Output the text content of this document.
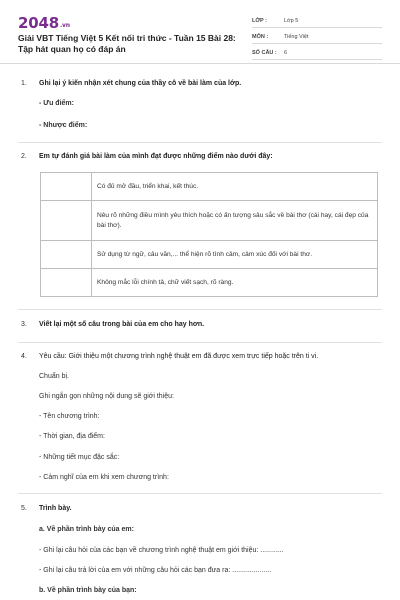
2048.vn
Giải VBT Tiếng Việt 5 Kết nối tri thức - Tuần 15 Bài 28: Tập hát quan họ có đáp án
LỚP :	Lớp 5
MÔN :	Tiếng Việt
SỐ CÂU :	6
1. Ghi lại ý kiến nhận xét chung của thầy cô về bài làm của lớp.
- Ưu điểm:
- Nhược điểm:
2. Em tự đánh giá bài làm của mình đạt được những điểm nào dưới đây:
	Có đủ mở đầu, triển khai, kết thúc.
	Nêu rõ những điều mình yêu thích hoặc có ấn tượng sâu sắc về bài thơ (cái hay, cái đẹp của bài thơ).
	Sử dụng từ ngữ, câu văn,... thể hiện rõ tình cảm, cảm xúc đối với bài thơ.
	Không mắc lỗi chính tả, chữ viết sạch, rõ ràng.
3. Viết lại một số câu trong bài của em cho hay hơn.
4. Yêu cầu: Giới thiệu một chương trình nghệ thuật em đã được xem trực tiếp hoặc trên ti vi.
Chuẩn bị.
Ghi ngắn gọn những nội dung sẽ giới thiệu:
- Tên chương trình:
- Thời gian, địa điểm:
- Những tiết mục đặc sắc:
- Cảm nghĩ của em khi xem chương trình:
5. Trình bày.
a. Về phần trình bày của em:
- Ghi lại câu hỏi của các bạn về chương trình nghệ thuật em giới thiệu: ............
- Ghi lại câu trả lời của em với những câu hỏi các bạn đưa ra: ....................
b. Về phần trình bày của bạn:
